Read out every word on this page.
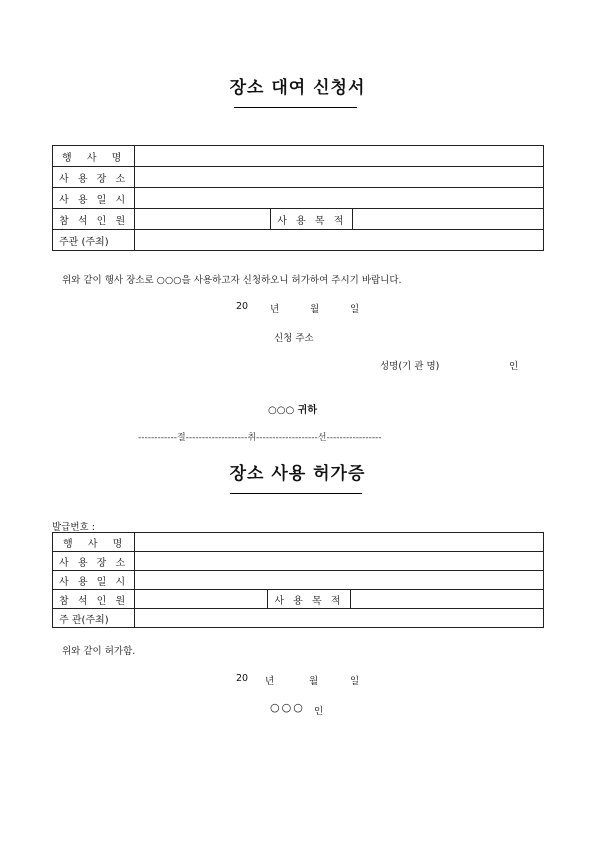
장소 대여 신청서
행 사 명			
사 용 장 소			
사 용 일 시			
참 석 인 원		사 용 목 적	
주관 (주최)			
위와 같이 행사 장소로 ○○○을 사용하고자 신청하오니 허가하여 주시기 바랍니다.
20 년	월	일
신청 주소
성명(기 관 명)	인
○○○ 귀하
------------절-------------------취-------------------선-----------------
장소 사용 허가증
발급번호 :
행 사 명			
사 용 장 소			
사 용 일 시			
참 석 인 원		사 용 목 적	
주 관(주최)			
위와 같이 허가함.
20 년	월	일
○○○ 인
